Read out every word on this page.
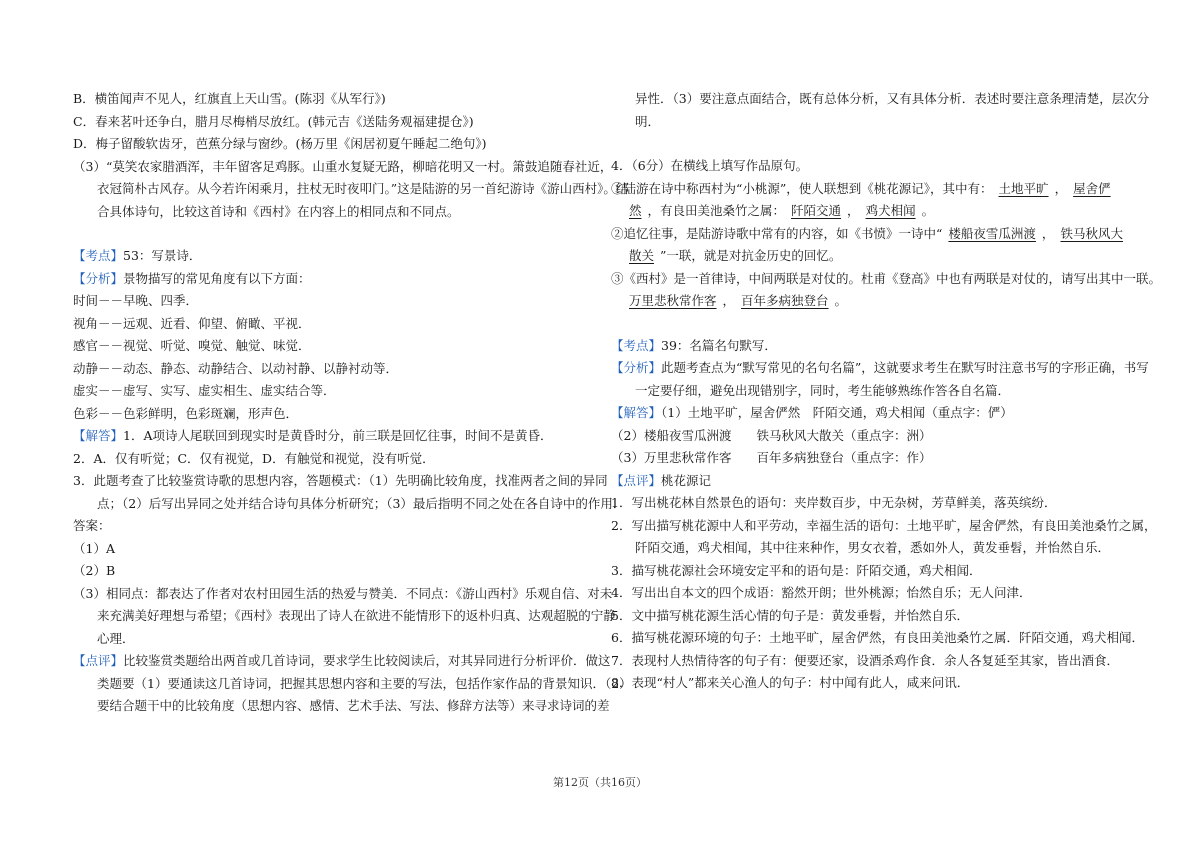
B．横笛闻声不见人，红旗直上天山雪。(陈羽《从军行》)
C．春来茗叶还争白，腊月尽梅梢尽放红。(韩元吉《送陆务观福建提仓》)
D．梅子留酸软齿牙，芭蕉分绿与窗纱。(杨万里《闲居初夏午睡起二绝句》)
（3）“莫笑农家腊酒浑，丰年留客足鸡豚。山重水复疑无路，柳暗花明又一村。箫鼓追随春社近，
衣冠简朴古风存。从今若许闲乘月，拄杖无时夜叩门。”这是陆游的另一首纪游诗《游山西村》。结
合具体诗句，比较这首诗和《西村》在内容上的相同点和不同点。
【考点】53：写景诗．
【分析】景物描写的常见角度有以下方面：
时间－－早晚、四季．
视角－－远观、近看、仰望、俯瞰、平视．
感官－－视觉、听觉、嗅觉、触觉、味觉．
动静－－动态、静态、动静结合、以动衬静、以静衬动等．
虚实－－虚写、实写、虚实相生、虚实结合等．
色彩－－色彩鲜明，色彩斑斓，形声色．
【解答】1．A项诗人尾联回到现实时是黄昏时分，前三联是回忆往事，时间不是黄昏．
2．A．仅有听觉；C．仅有视觉，D．有触觉和视觉，没有听觉．
3．此题考查了比较鉴赏诗歌的思想内容，答题模式：（1）先明确比较角度，找准两者之间的异同
点；（2）后写出异同之处并结合诗句具体分析研究；（3）最后指明不同之处在各自诗中的作用．
答案：
（1）A
（2）B
（3）相同点：都表达了作者对农村田园生活的热爱与赞美．不同点：《游山西村》乐观自信、对未
来充满美好理想与希望；《西村》表现出了诗人在欲进不能情形下的返朴归真、达观超脱的宁静
心理．
【点评】比较鉴赏类题给出两首或几首诗词，要求学生比较阅读后，对其异同进行分析评价．做这
类题要（1）要通读这几首诗词，把握其思想内容和主要的写法，包括作家作品的背景知识．（2）
要结合题干中的比较角度（思想内容、感情、艺术手法、写法、修辞方法等）来寻求诗词的差
异性．（3）要注意点面结合，既有总体分析，又有具体分析．表述时要注意条理清楚，层次分
明．
4．（6分）在横线上填写作品原句。
①陆游在诗中称西村为“小桃源”，使人联想到《桃花源记》，其中有： 土地平旷 ， 屋舍俨
然 ，有良田美池桑竹之属： 阡陌交通 ， 鸡犬相闻 。
②追忆往事，是陆游诗歌中常有的内容，如《书愤》一诗中“ 楼船夜雪瓜洲渡 ， 铁马秋风大
散关 ”一联，就是对抗金历史的回忆。
③《西村》是一首律诗，中间两联是对仗的。杜甫《登高》中也有两联是对仗的，请写出其中一联。
万里悲秋常作客 ， 百年多病独登台 。
【考点】39：名篇名句默写．
【分析】此题考查点为“默写常见的名句名篇”，这就要求考生在默写时注意书写的字形正确，书写
一定要仔细，避免出现错别字，同时，考生能够熟练作答各自名篇．
【解答】（1）土地平旷，屋舍俨然　阡陌交通，鸡犬相闻（重点字：俨）
（2）楼船夜雪瓜洲渡　　铁马秋风大散关（重点字：洲）
（3）万里悲秋常作客　　百年多病独登台（重点字：作）
【点评】桃花源记
1．写出桃花林自然景色的语句：夹岸数百步，中无杂树，芳草鲜美，落英缤纷．
2．写出描写桃花源中人和平劳动，幸福生活的语句：土地平旷，屋舍俨然，有良田美池桑竹之属，
阡陌交通，鸡犬相闻，其中往来种作，男女衣着，悉如外人，黄发垂髫，并怡然自乐．
3．描写桃花源社会环境安定平和的语句是：阡陌交通，鸡犬相闻．
4．写出出自本文的四个成语：豁然开朗；世外桃源；怡然自乐；无人问津．
5．文中描写桃花源生活心情的句子是：黄发垂髫，并怡然自乐．
6．描写桃花源环境的句子：土地平旷，屋舍俨然，有良田美池桑竹之属．阡陌交通，鸡犬相闻．
7．表现村人热情待客的句子有：便要还家，设酒杀鸡作食．余人各复延至其家，皆出酒食．
8．表现“村人”都来关心渔人的句子：村中闻有此人，咸来问讯．
第12页（共16页）
